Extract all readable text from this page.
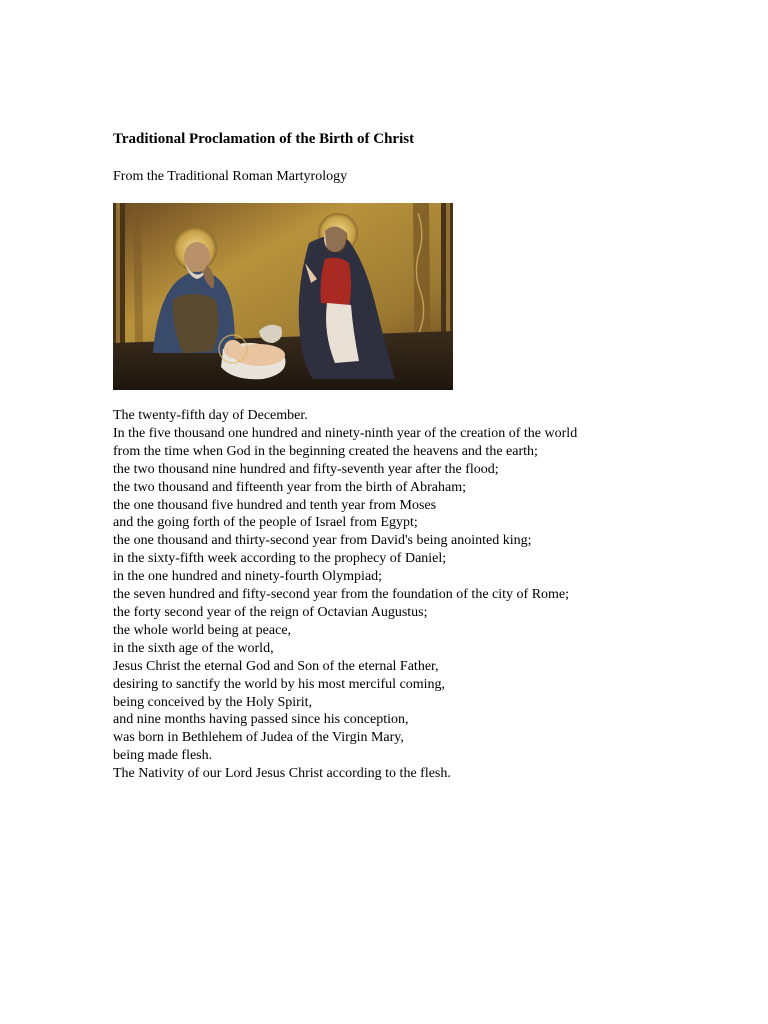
Traditional Proclamation of the Birth of Christ

From the Traditional Roman Martyrology

The twenty-fifth day of December.
In the five thousand one hundred and ninety-ninth year of the creation of the world
from the time when God in the beginning created the heavens and the earth;
the two thousand nine hundred and fifty-seventh year after the flood;
the two thousand and fifteenth year from the birth of Abraham;
the one thousand five hundred and tenth year from Moses
and the going forth of the people of Israel from Egypt;
the one thousand and thirty-second year from David's being anointed king;
in the sixty-fifth week according to the prophecy of Daniel;
in the one hundred and ninety-fourth Olympiad;
the seven hundred and fifty-second year from the foundation of the city of Rome;
the forty second year of the reign of Octavian Augustus;
the whole world being at peace,
in the sixth age of the world,
Jesus Christ the eternal God and Son of the eternal Father,
desiring to sanctify the world by his most merciful coming,
being conceived by the Holy Spirit,
and nine months having passed since his conception,
was born in Bethlehem of Judea of the Virgin Mary,
being made flesh.
The Nativity of our Lord Jesus Christ according to the flesh.
